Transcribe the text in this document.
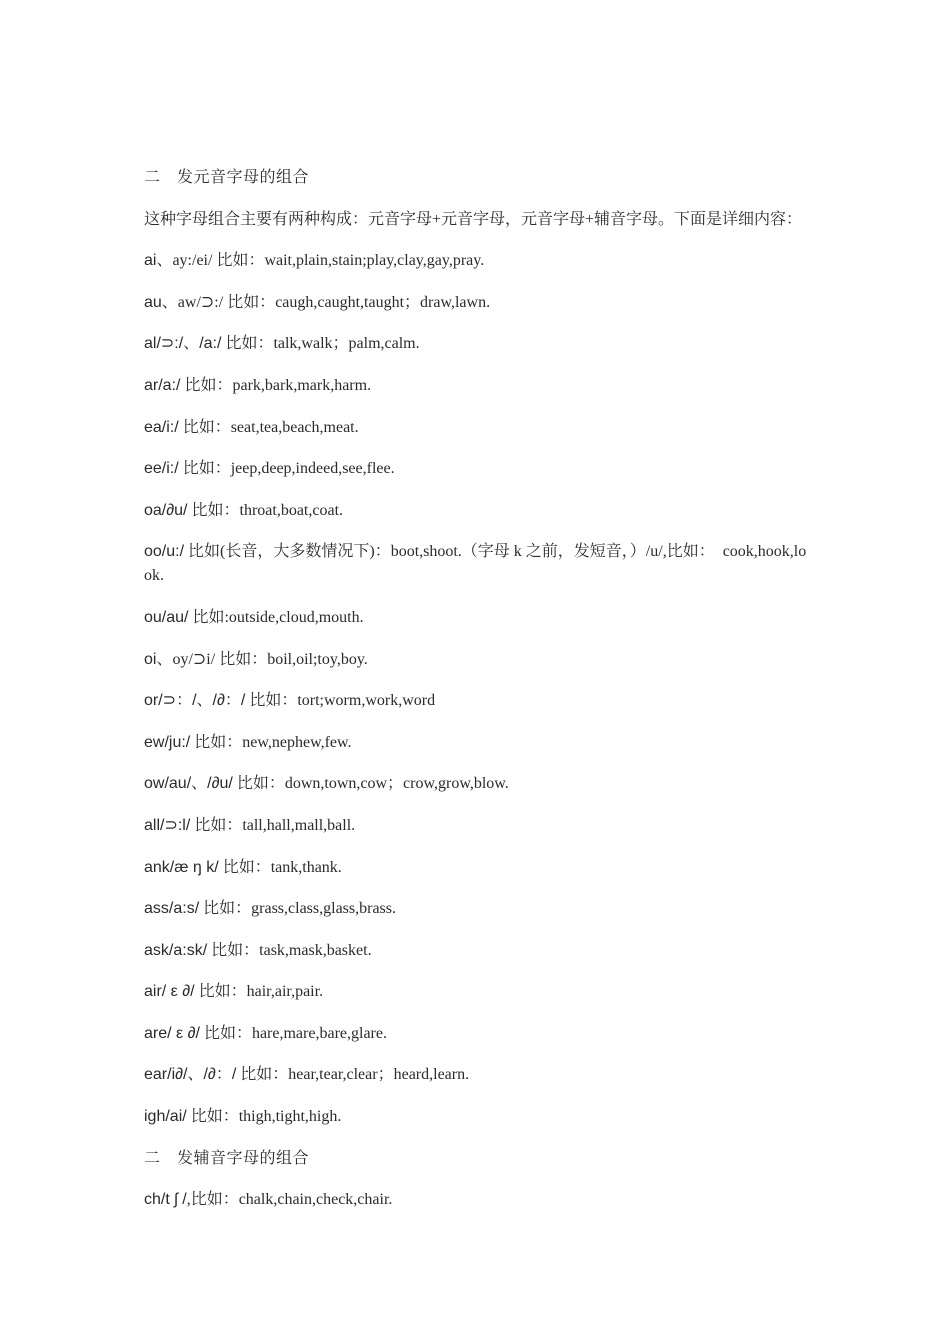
二　发元音字母的组合

这种字母组合主要有两种构成：元音字母+元音字母，元音字母+辅音字母。下面是详细内容：

ai、ay:/ei/ 比如：wait,plain,stain;play,clay,gay,pray.

au、aw/⊃:/ 比如：caugh,caught,taught；draw,lawn.

al/⊃:/、/a:/ 比如：talk,walk；palm,calm.

ar/a:/ 比如：park,bark,mark,harm.

ea/i:/ 比如：seat,tea,beach,meat.

ee/i:/ 比如：jeep,deep,indeed,see,flee.

oa/∂u/ 比如：throat,boat,coat.

oo/u:/ 比如(长音，大多数情况下)：boot,shoot.（字母 k 之前，发短音，）/u/,比如：　cook,hook,look.

ou/au/ 比如:outside,cloud,mouth.

oi、oy/⊃i/ 比如：boil,oil;toy,boy.

or/⊃：/、/∂：/ 比如：tort;worm,work,word

ew/ju:/ 比如：new,nephew,few.

ow/au/、/∂u/ 比如：down,town,cow；crow,grow,blow.

all/⊃:l/ 比如：tall,hall,mall,ball.

ank/æ ŋ k/ 比如：tank,thank.

ass/a:s/ 比如：grass,class,glass,brass.

ask/a:sk/ 比如：task,mask,basket.

air/ ε ∂/ 比如：hair,air,pair.

are/ ε ∂/ 比如：hare,mare,bare,glare.

ear/i∂/、/∂：/ 比如：hear,tear,clear；heard,learn.

igh/ai/ 比如：thigh,tight,high.

二　发辅音字母的组合

ch/t ʃ /,比如：chalk,chain,check,chair.
